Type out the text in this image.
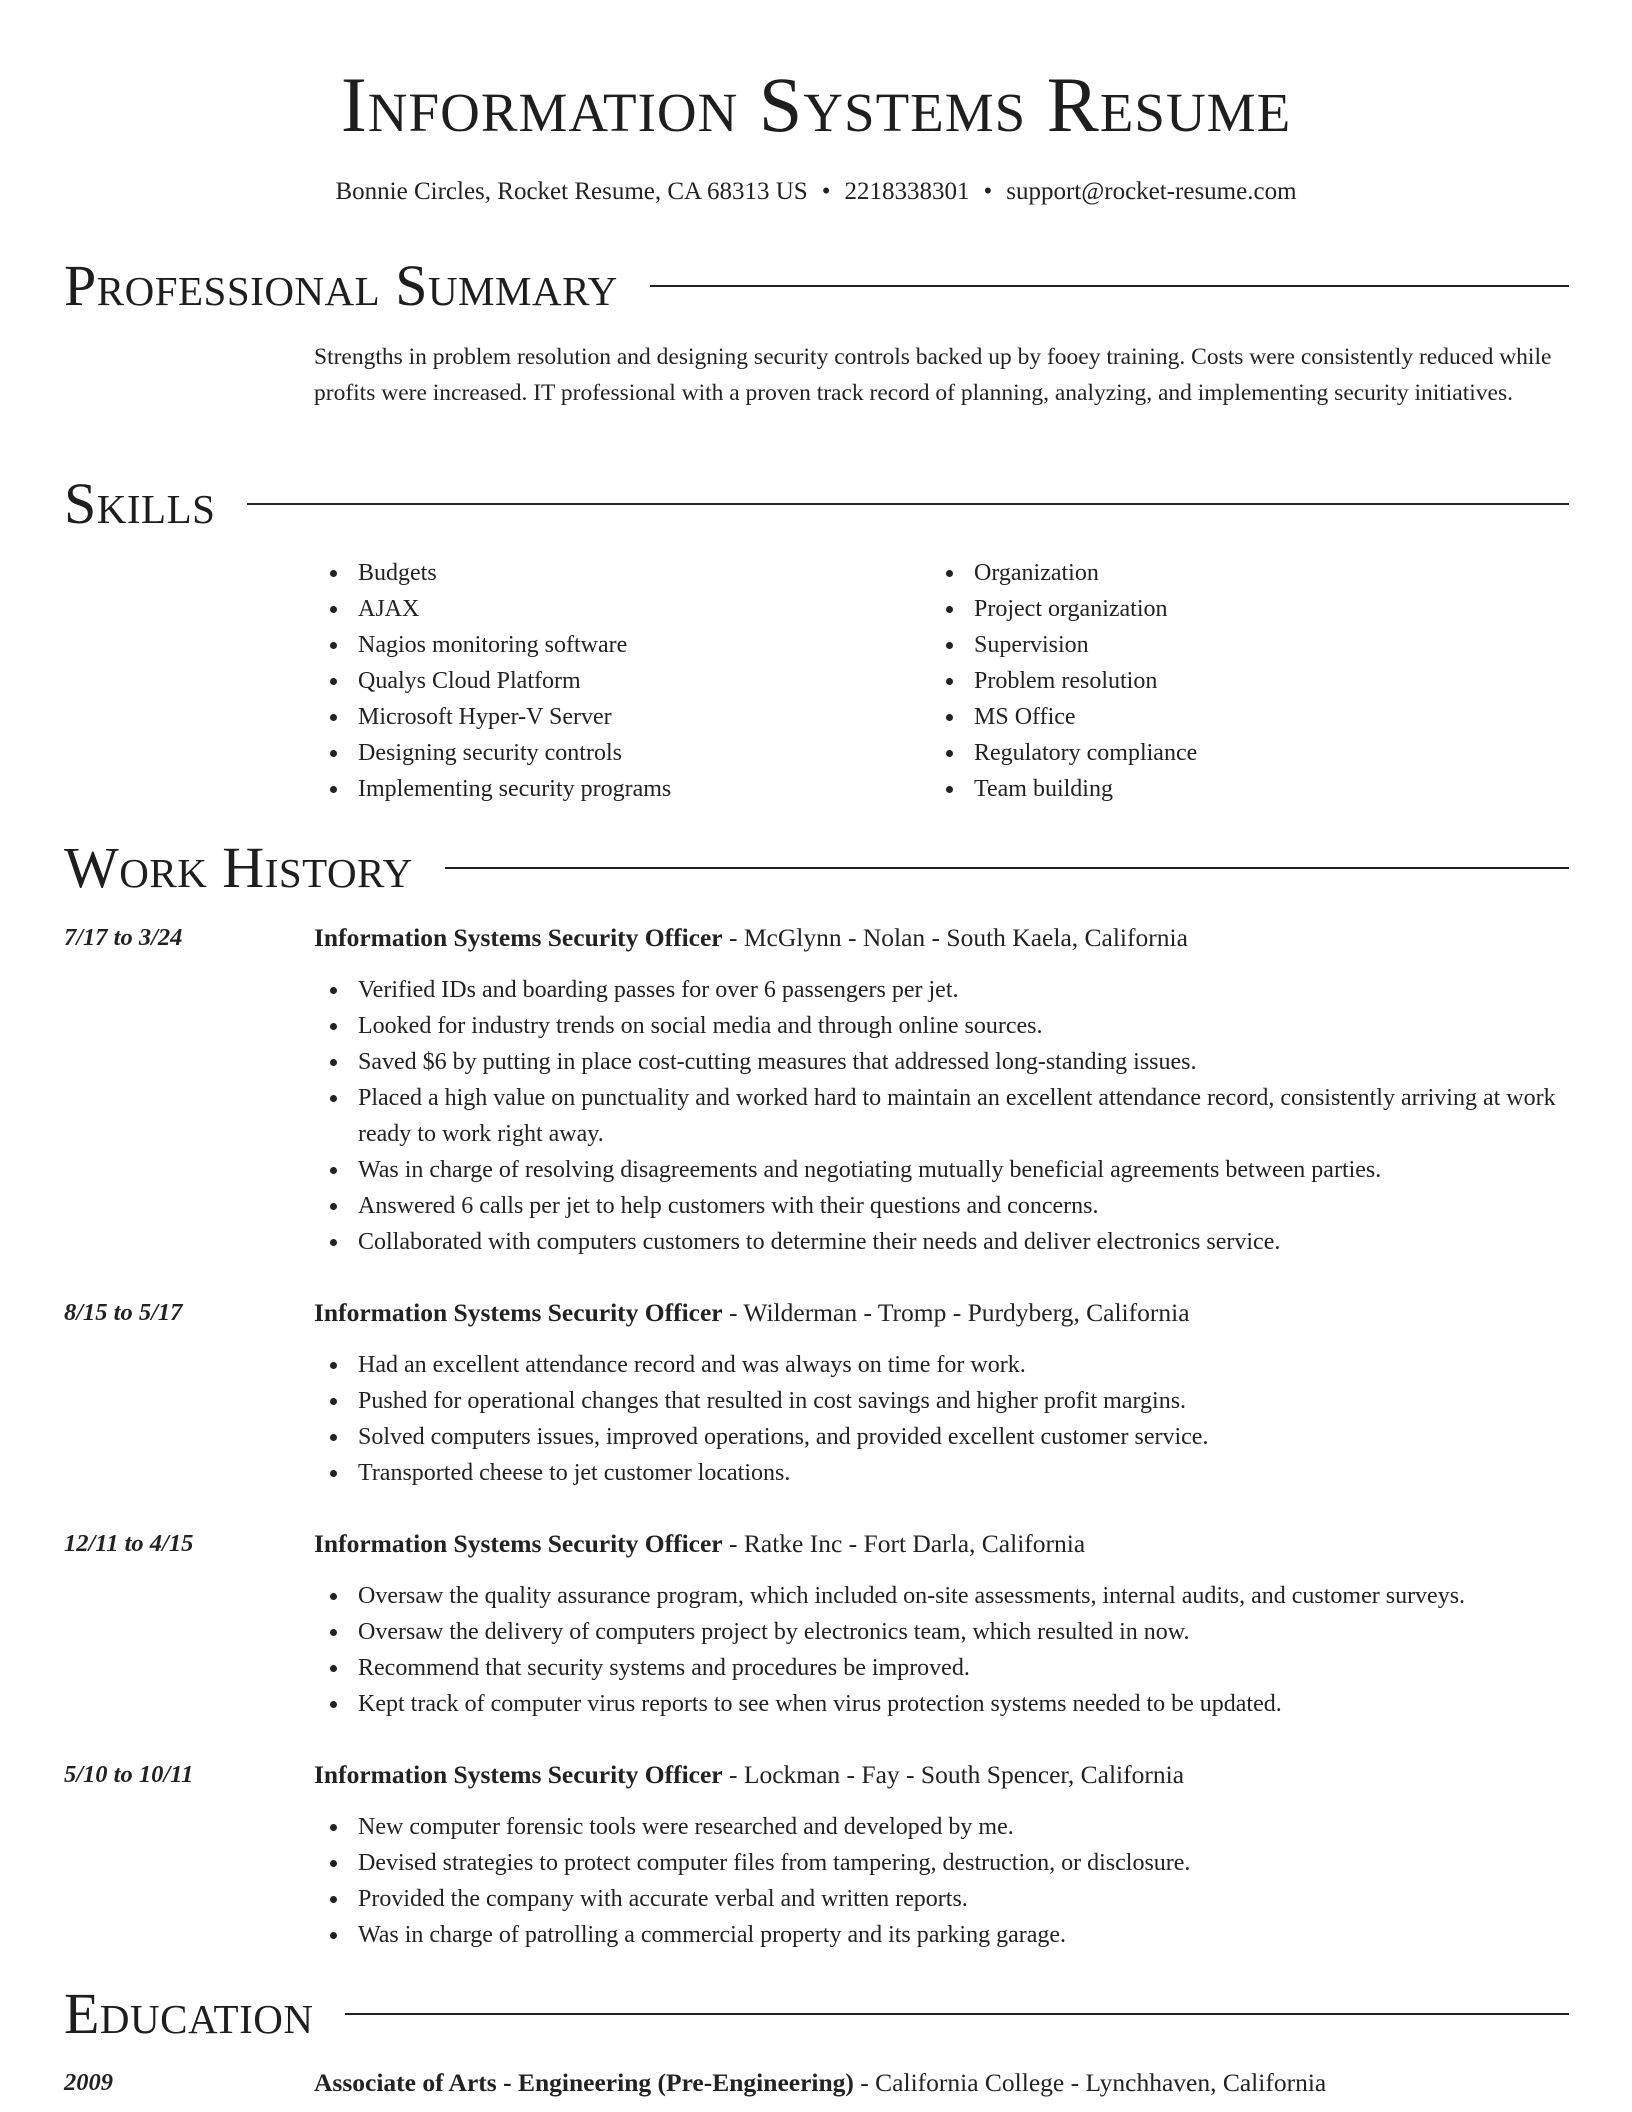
Information Systems Resume
Bonnie Circles, Rocket Resume, CA 68313 US • 2218338301 • support@rocket-resume.com
Professional Summary

Strengths in problem resolution and designing security controls backed up by fooey training. Costs were consistently reduced while profits were increased. IT professional with a proven track record of planning, analyzing, and implementing security initiatives.

Skills
Budgets
AJAX
Nagios monitoring software
Qualys Cloud Platform
Microsoft Hyper-V Server
Designing security controls
Implementing security programs
Organization
Project organization
Supervision
Problem resolution
MS Office
Regulatory compliance
Team building
Work History
7/17 to 3/24	Information Systems Security Officer - McGlynn - Nolan - South Kaela, California
Verified IDs and boarding passes for over 6 passengers per jet.
Looked for industry trends on social media and through online sources.
Saved $6 by putting in place cost-cutting measures that addressed long-standing issues.
Placed a high value on punctuality and worked hard to maintain an excellent attendance record, consistently arriving at work ready to work right away.
Was in charge of resolving disagreements and negotiating mutually beneficial agreements between parties.
Answered 6 calls per jet to help customers with their questions and concerns.
Collaborated with computers customers to determine their needs and deliver electronics service.
8/15 to 5/17	Information Systems Security Officer - Wilderman - Tromp - Purdyberg, California
Had an excellent attendance record and was always on time for work.
Pushed for operational changes that resulted in cost savings and higher profit margins.
Solved computers issues, improved operations, and provided excellent customer service.
Transported cheese to jet customer locations.
12/11 to 4/15	Information Systems Security Officer - Ratke Inc - Fort Darla, California
Oversaw the quality assurance program, which included on-site assessments, internal audits, and customer surveys.
Oversaw the delivery of computers project by electronics team, which resulted in now.
Recommend that security systems and procedures be improved.
Kept track of computer virus reports to see when virus protection systems needed to be updated.
5/10 to 10/11	Information Systems Security Officer - Lockman - Fay - South Spencer, California
New computer forensic tools were researched and developed by me.
Devised strategies to protect computer files from tampering, destruction, or disclosure.
Provided the company with accurate verbal and written reports.
Was in charge of patrolling a commercial property and its parking garage.
Education
2009	Associate of Arts - Engineering (Pre-Engineering) - California College - Lynchhaven, California
